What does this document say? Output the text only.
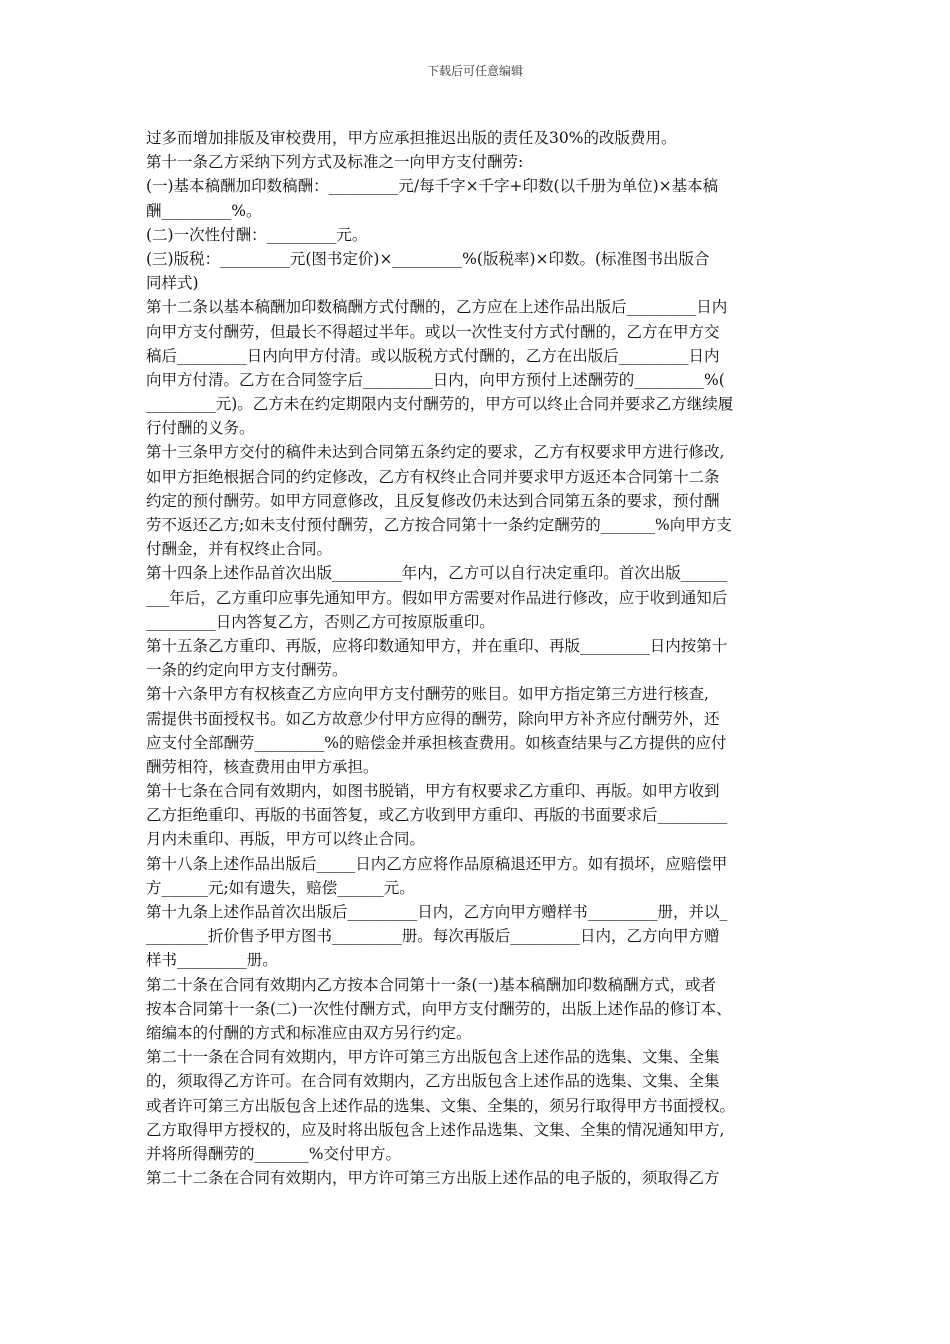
下载后可任意编辑
过多而增加排版及审校费用，甲方应承担推迟出版的责任及30%的改版费用。
第十一条乙方采纳下列方式及标准之一向甲方支付酬劳:
(一)基本稿酬加印数稿酬：_________元/每千字×千字+印数(以千册为单位)×基本稿
酬_________%。
(二)一次性付酬：_________元。
(三)版税：_________元(图书定价)×_________%(版税率)×印数。(标准图书出版合
同样式)
第十二条以基本稿酬加印数稿酬方式付酬的，乙方应在上述作品出版后_________日内
向甲方支付酬劳，但最长不得超过半年。或以一次性支付方式付酬的，乙方在甲方交
稿后_________日内向甲方付清。或以版税方式付酬的，乙方在出版后_________日内
向甲方付清。乙方在合同签字后_________日内，向甲方预付上述酬劳的_________%(
_________元)。乙方未在约定期限内支付酬劳的，甲方可以终止合同并要求乙方继续履
行付酬的义务。
第十三条甲方交付的稿件未达到合同第五条约定的要求，乙方有权要求甲方进行修改,
如甲方拒绝根据合同的约定修改，乙方有权终止合同并要求甲方返还本合同第十二条
约定的预付酬劳。如甲方同意修改，且反复修改仍未达到合同第五条的要求，预付酬
劳不返还乙方;如未支付预付酬劳，乙方按合同第十一条约定酬劳的_______%向甲方支
付酬金，并有权终止合同。
第十四条上述作品首次出版_________年内，乙方可以自行决定重印。首次出版______
___年后，乙方重印应事先通知甲方。假如甲方需要对作品进行修改，应于收到通知后
_________日内答复乙方，否则乙方可按原版重印。
第十五条乙方重印、再版，应将印数通知甲方，并在重印、再版_________日内按第十
一条的约定向甲方支付酬劳。
第十六条甲方有权核查乙方应向甲方支付酬劳的账目。如甲方指定第三方进行核查,
需提供书面授权书。如乙方故意少付甲方应得的酬劳，除向甲方补齐应付酬劳外，还
应支付全部酬劳_________%的赔偿金并承担核查费用。如核查结果与乙方提供的应付
酬劳相符，核查费用由甲方承担。
第十七条在合同有效期内，如图书脱销，甲方有权要求乙方重印、再版。如甲方收到
乙方拒绝重印、再版的书面答复，或乙方收到甲方重印、再版的书面要求后_________
月内未重印、再版，甲方可以终止合同。
第十八条上述作品出版后_____日内乙方应将作品原稿退还甲方。如有损坏，应赔偿甲
方______元;如有遗失，赔偿______元。
第十九条上述作品首次出版后_________日内，乙方向甲方赠样书_________册，并以_
________折价售予甲方图书_________册。每次再版后_________日内，乙方向甲方赠
样书_________册。
第二十条在合同有效期内乙方按本合同第十一条(一)基本稿酬加印数稿酬方式，或者
按本合同第十一条(二)一次性付酬方式，向甲方支付酬劳的，出版上述作品的修订本、
缩编本的付酬的方式和标准应由双方另行约定。
第二十一条在合同有效期内，甲方许可第三方出版包含上述作品的选集、文集、全集
的，须取得乙方许可。在合同有效期内，乙方出版包含上述作品的选集、文集、全集
或者许可第三方出版包含上述作品的选集、文集、全集的，须另行取得甲方书面授权。
乙方取得甲方授权的，应及时将出版包含上述作品选集、文集、全集的情况通知甲方,
并将所得酬劳的_______%交付甲方。
第二十二条在合同有效期内，甲方许可第三方出版上述作品的电子版的，须取得乙方
